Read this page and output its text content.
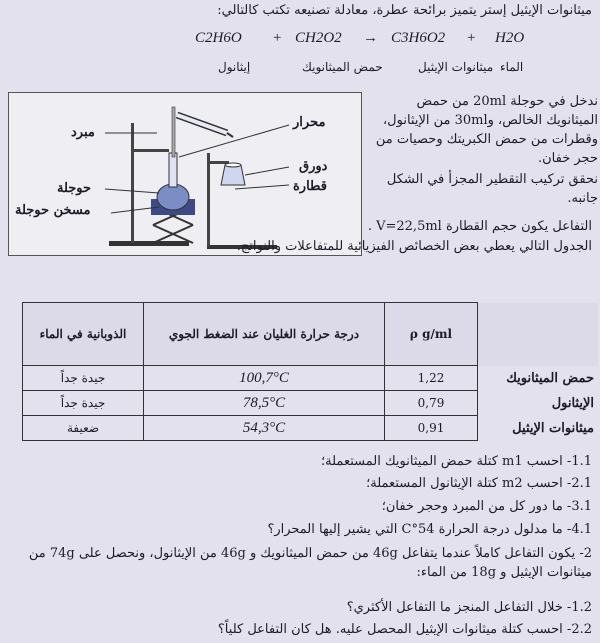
ميثانوات الإيثيل إستر يتميز برائحة عطرة، معادلة تصنيعه تكتب كالتالي:
C2H6O + CH2O2 → C3H6O2 + H2O
إيثانول	حمض الميثانويك	ميثانوات الإيثيل الماء
مبرد
حوجلة
مسخن حوجلة
محرار
دورق
قطارة
ندخل في حوجلة 20ml من حمض الميثانويك الخالص، و30ml من الإيثانول، وقطرات من حمض الكبريتك وحصيات من حجر خفان.
نحقق تركيب التقطير المجزأ في الشكل جانبه.
التفاعل يكون حجم القطارة V=22,5ml .
الجدول التالي يعطي بعض الخصائص الفيزيائية للمتفاعلات والنواتج.
	ρ g/ml	درجة حرارة الغليان عند الضغط الجوي	الذوبانية في الماء
حمض الميثانويك	1,22	100,7°C	جيدة جداً
الإيثانول	0,79	78,5°C	جيدة جداً
ميثانوات الإيثيل	0,91	54,3°C	ضعيفة
1.1- احسب m1 كتلة حمض الميثانويك المستعملة؛
2.1- احسب m2 كتلة الإيثانول المستعملة؛
3.1- ما دور كل من المبرد وحجر خفان؛
4.1- ما مدلول درجة الحرارة 54°C التي يشير إليها المحرار؟
2- يكون التفاعل كاملاً عندما يتفاعل 46g من حمض الميثانويك و 46g من الإيثانول، ونحصل على 74g من ميثانوات الإيثيل و 18g من الماء:
1.2- خلال التفاعل المنجز ما التفاعل الأكثري؟
2.2- احسب كتلة ميثانوات الإيثيل المحصل عليه. هل كان التفاعل كلياً؟
